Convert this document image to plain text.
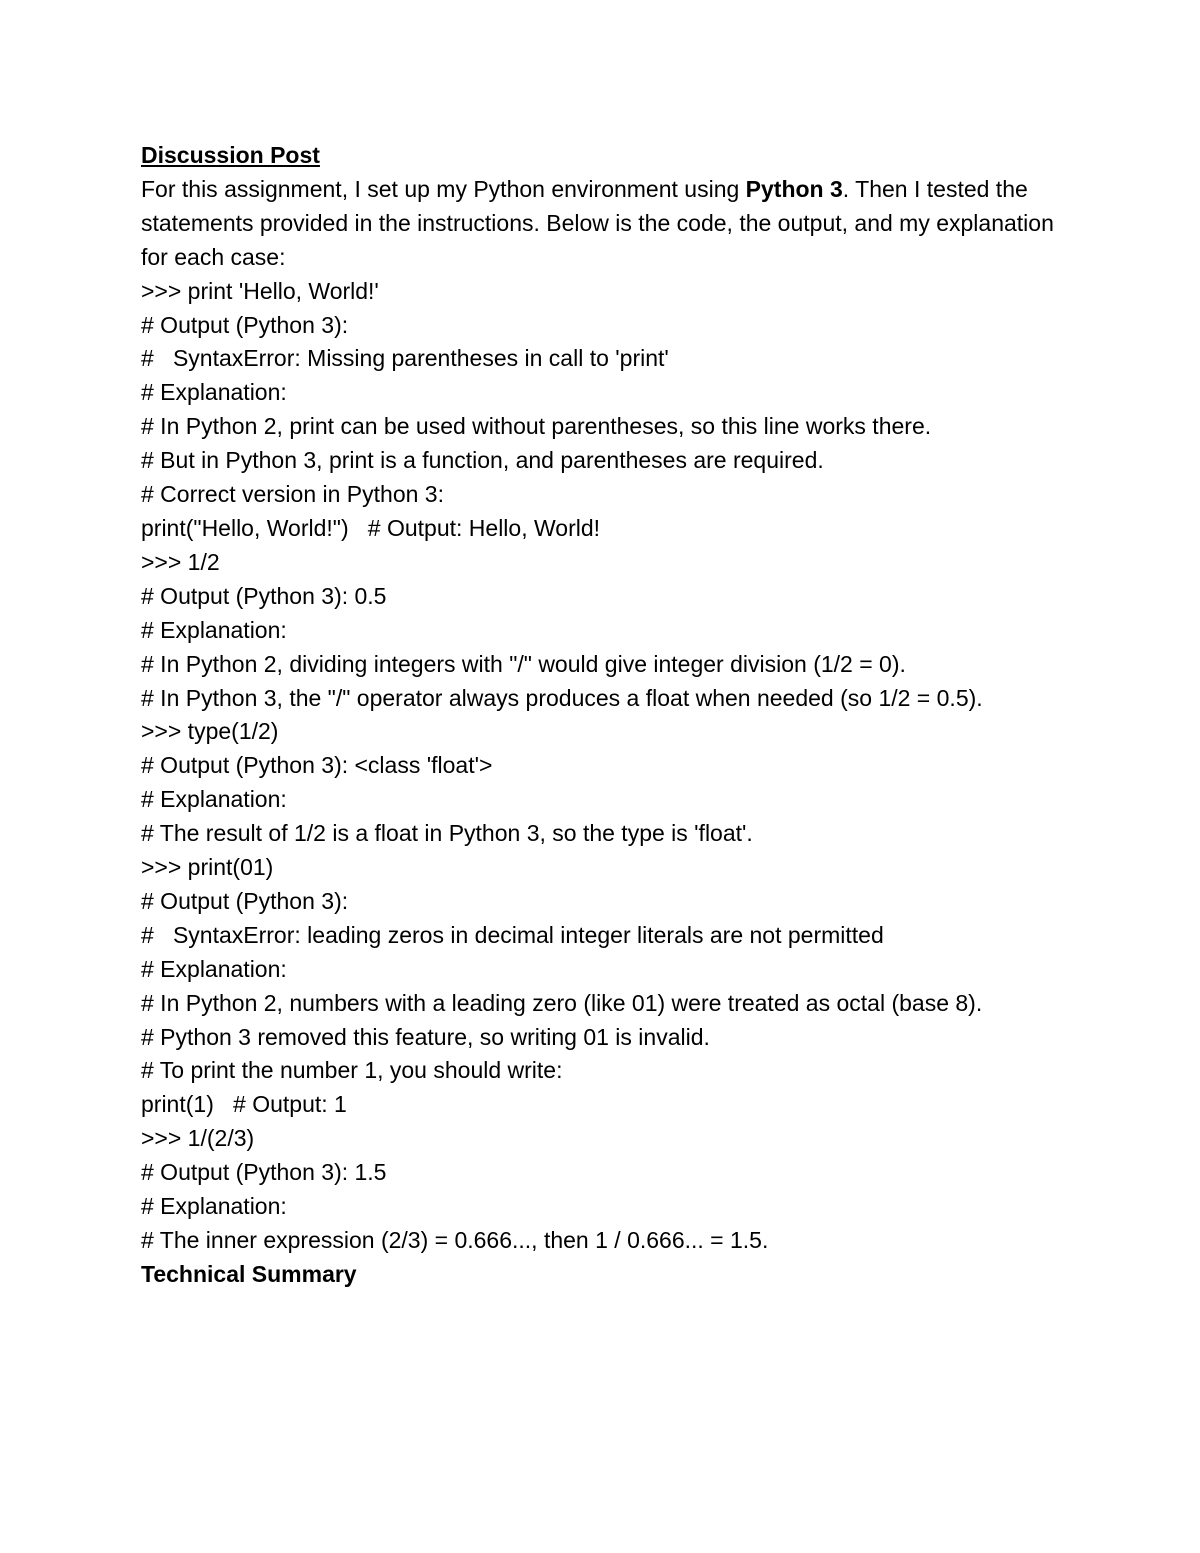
Discussion Post

For this assignment, I set up my Python environment using Python 3. Then I tested the statements provided in the instructions. Below is the code, the output, and my explanation for each case:

>>> print 'Hello, World!'

# Output (Python 3):

#   SyntaxError: Missing parentheses in call to 'print'

# Explanation:

# In Python 2, print can be used without parentheses, so this line works there.

# But in Python 3, print is a function, and parentheses are required.

# Correct version in Python 3:

print("Hello, World!")   # Output: Hello, World!

>>> 1/2

# Output (Python 3): 0.5

# Explanation:

# In Python 2, dividing integers with "/" would give integer division (1/2 = 0).

# In Python 3, the "/" operator always produces a float when needed (so 1/2 = 0.5).

>>> type(1/2)

# Output (Python 3): <class 'float'>

# Explanation:

# The result of 1/2 is a float in Python 3, so the type is 'float'.

>>> print(01)

# Output (Python 3):

#   SyntaxError: leading zeros in decimal integer literals are not permitted

# Explanation:

# In Python 2, numbers with a leading zero (like 01) were treated as octal (base 8).

# Python 3 removed this feature, so writing 01 is invalid.

# To print the number 1, you should write:

print(1)   # Output: 1

>>> 1/(2/3)

# Output (Python 3): 1.5

# Explanation:

# The inner expression (2/3) = 0.666..., then 1 / 0.666... = 1.5.

Technical Summary
